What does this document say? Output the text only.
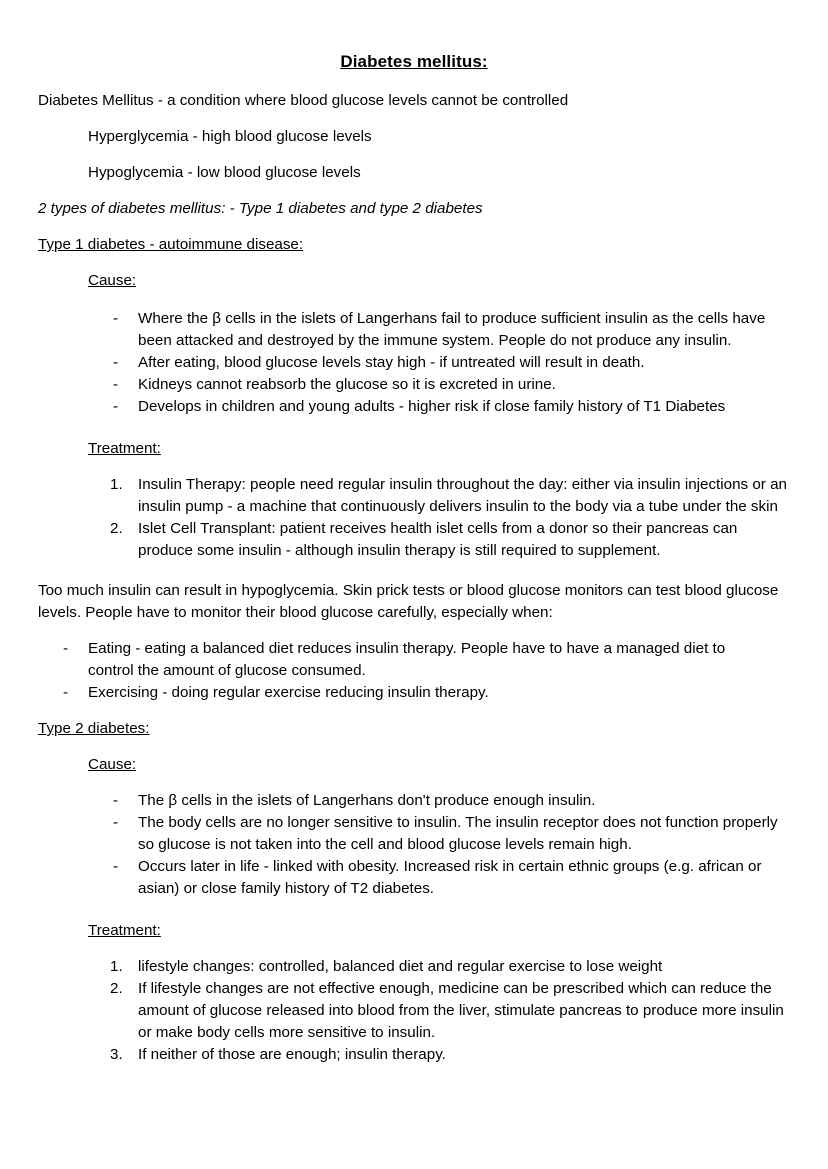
Diabetes mellitus:

Diabetes Mellitus - a condition where blood glucose levels cannot be controlled

Hyperglycemia - high blood glucose levels

Hypoglycemia - low blood glucose levels

2 types of diabetes mellitus: - Type 1 diabetes and type 2 diabetes

Type 1 diabetes - autoimmune disease:

Cause:

- Where the β cells in the islets of Langerhans fail to produce sufficient insulin as the cells have been attacked and destroyed by the immune system. People do not produce any insulin.
- After eating, blood glucose levels stay high - if untreated will result in death.
- Kidneys cannot reabsorb the glucose so it is excreted in urine.
- Develops in children and young adults - higher risk if close family history of T1 Diabetes

Treatment:

Insulin Therapy: people need regular insulin throughout the day: either via insulin injections or an insulin pump - a machine that continuously delivers insulin to the body via a tube under the skin
Islet Cell Transplant: patient receives health islet cells from a donor so their pancreas can produce some insulin - although insulin therapy is still required to supplement.

Too much insulin can result in hypoglycemia. Skin prick tests or blood glucose monitors can test blood glucose levels. People have to monitor their blood glucose carefully, especially when:

- Eating - eating a balanced diet reduces insulin therapy. People have to have a managed diet to control the amount of glucose consumed.
- Exercising - doing regular exercise reducing insulin therapy.

Type 2 diabetes:

Cause:

- The β cells in the islets of Langerhans don't produce enough insulin.
- The body cells are no longer sensitive to insulin. The insulin receptor does not function properly so glucose is not taken into the cell and blood glucose levels remain high.
- Occurs later in life - linked with obesity. Increased risk in certain ethnic groups (e.g. african or asian) or close family history of T2 diabetes.

Treatment:

lifestyle changes: controlled, balanced diet and regular exercise to lose weight
If lifestyle changes are not effective enough, medicine can be prescribed which can reduce the amount of glucose released into blood from the liver, stimulate pancreas to produce more insulin or make body cells more sensitive to insulin.
If neither of those are enough; insulin therapy.
